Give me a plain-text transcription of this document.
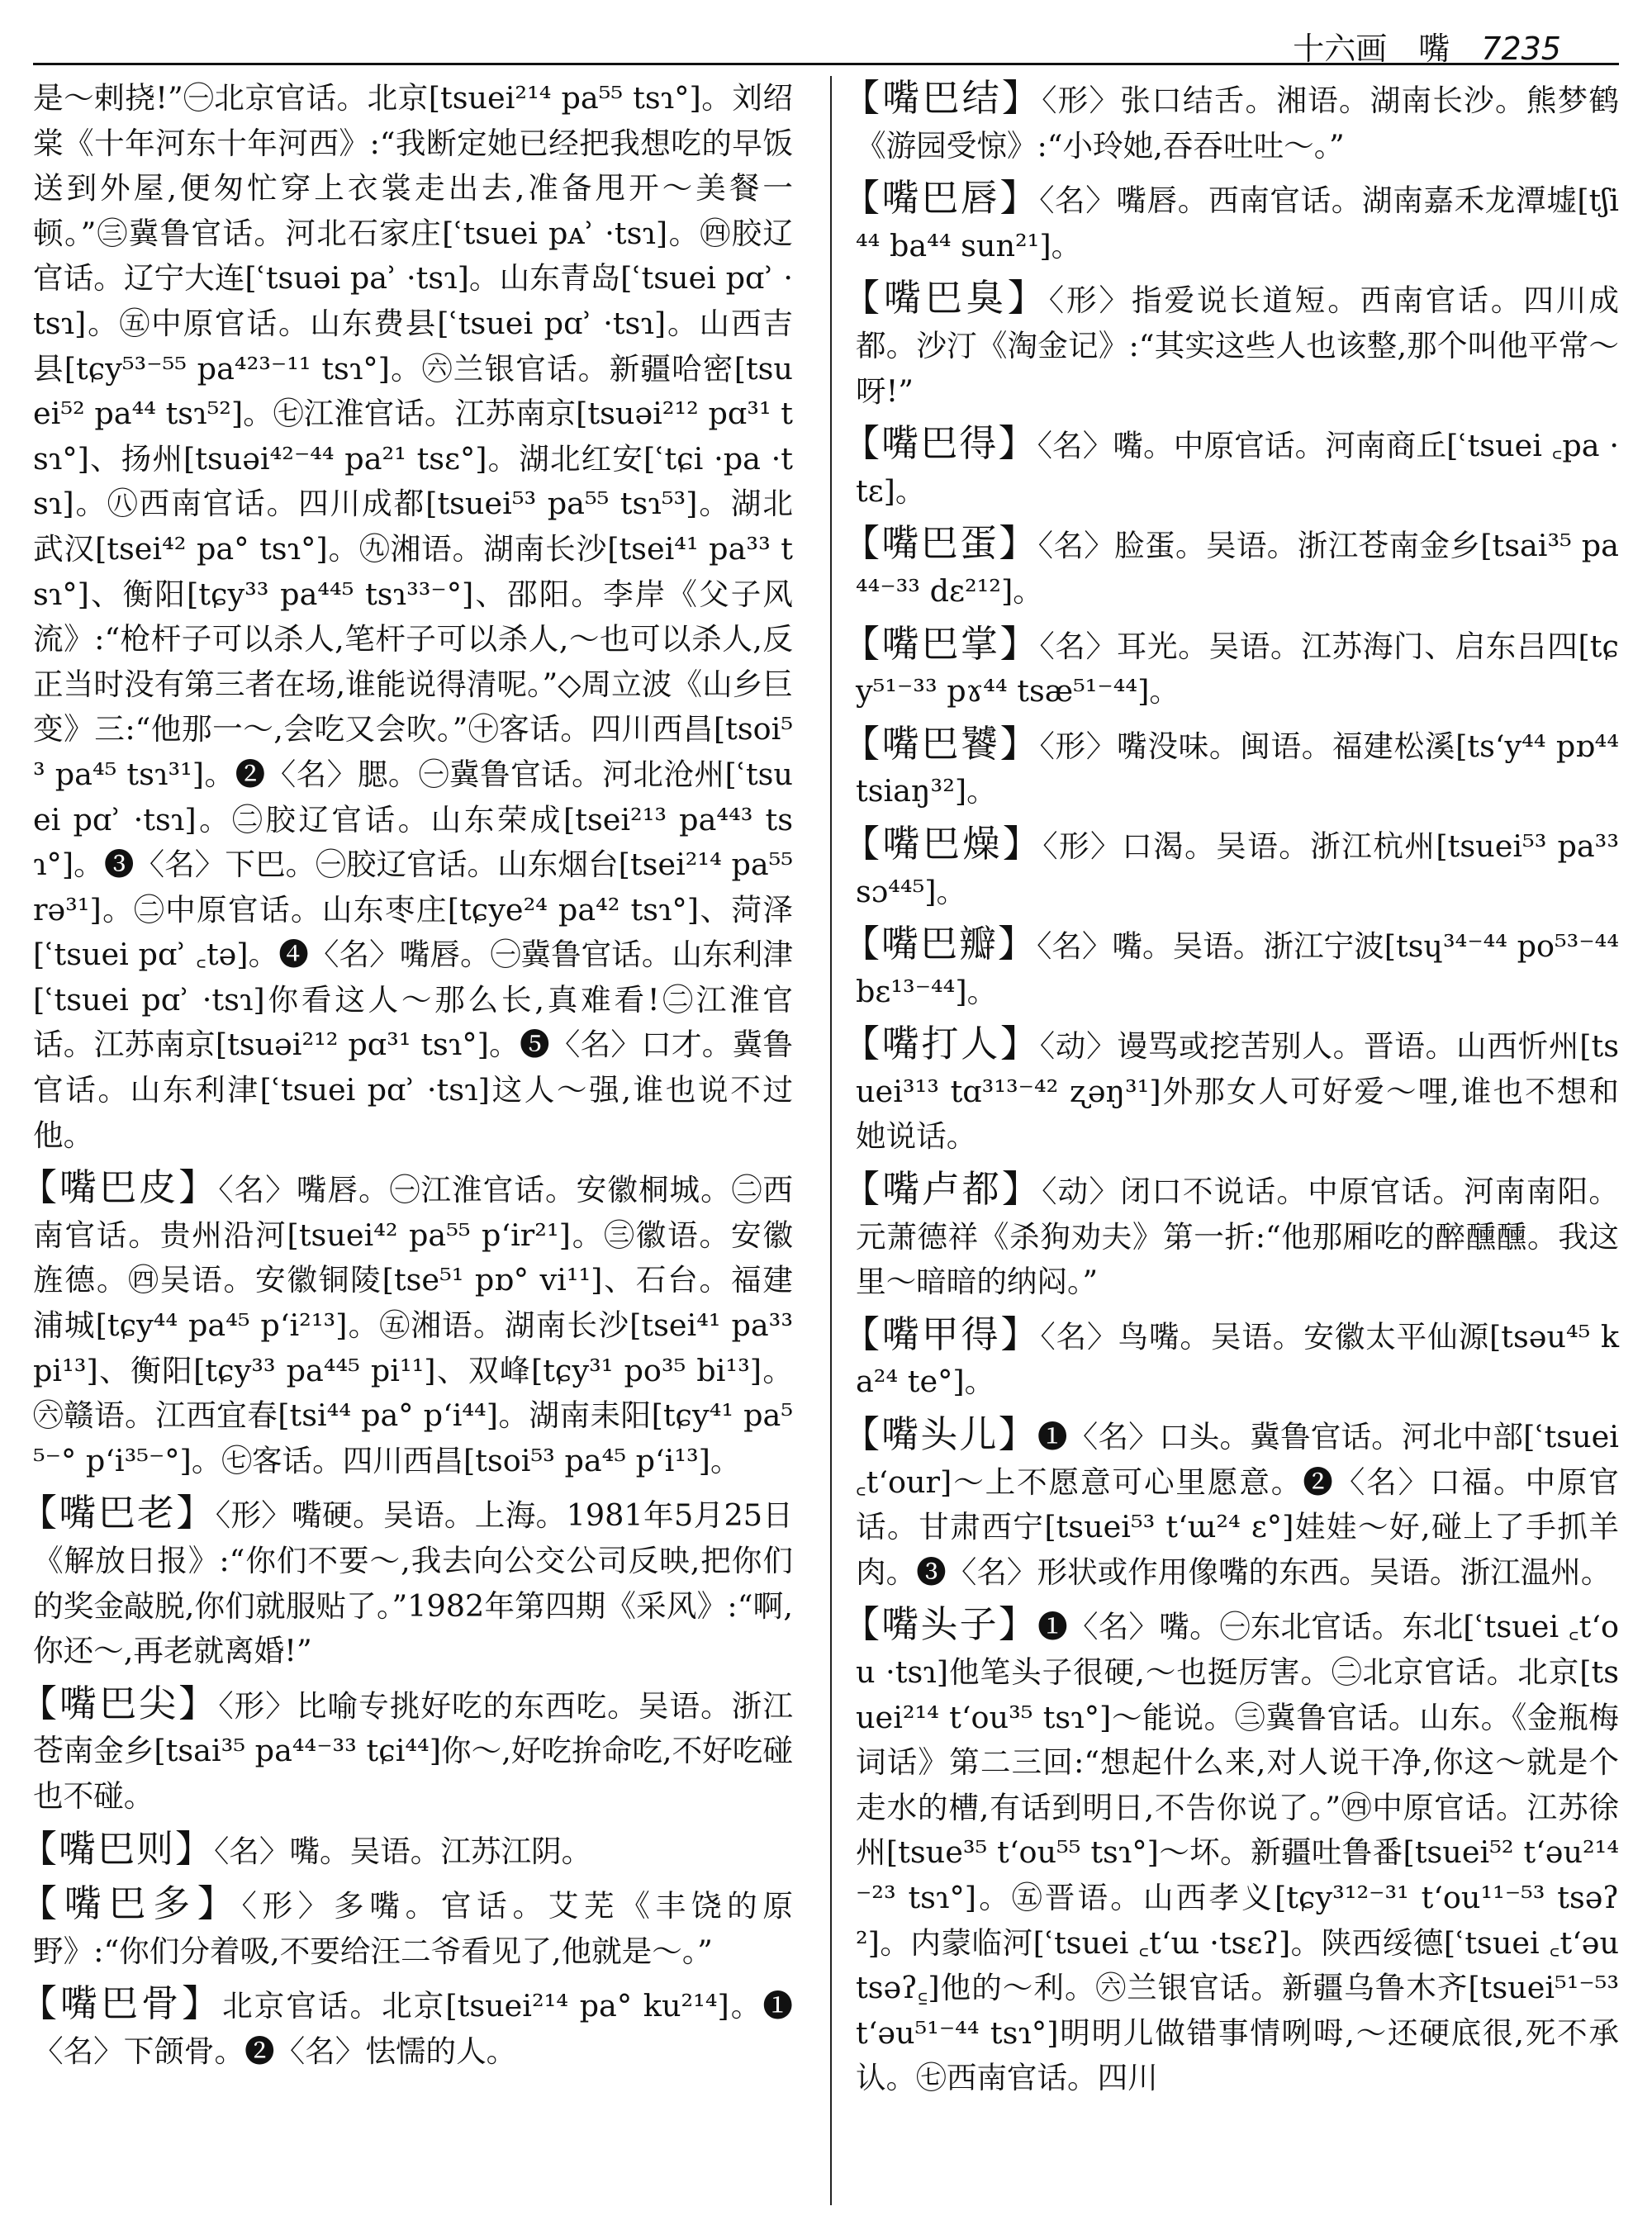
十六画 嘴 7235

是～剌挠!”㊀北京官话。北京[tsuei²¹⁴ pa⁵⁵ tsɿ°]。刘绍棠《十年河东十年河西》:“我断定她已经把我想吃的早饭送到外屋,便匆忙穿上衣裳走出去,准备甩开～美餐一顿。”㊂冀鲁官话。河北石家庄[ʿtsuei pᴀʾ ·tsɿ]。㊃胶辽官话。辽宁大连[ʿtsuəi paʾ ·tsɿ]。山东青岛[ʿtsuei pɑʾ ·tsɿ]。㊄中原官话。山东费县[ʿtsuei pɑʾ ·tsɿ]。山西吉县[tɕy⁵³⁻⁵⁵ pa⁴²³⁻¹¹ tsɿ°]。㊅兰银官话。新疆哈密[tsuei⁵² pa⁴⁴ tsɿ⁵²]。㊆江淮官话。江苏南京[tsuəi²¹² pɑ³¹ tsɿ°]、扬州[tsuəi⁴²⁻⁴⁴ pa²¹ tsɛ°]。湖北红安[ʿtɕi ·pa ·tsɿ]。㊇西南官话。四川成都[tsuei⁵³ pa⁵⁵ tsɿ⁵³]。湖北武汉[tsei⁴² pa° tsɿ°]。㊈湘语。湖南长沙[tsei⁴¹ pa³³ tsɿ°]、衡阳[tɕy³³ pa⁴⁴⁵ tsɿ³³⁻°]、邵阳。李岸《父子风流》:“枪杆子可以杀人,笔杆子可以杀人,～也可以杀人,反正当时没有第三者在场,谁能说得清呢。”◇周立波《山乡巨变》三:“他那一～,会吃又会吹。”㊉客话。四川西昌[tsoi⁵³ pa⁴⁵ tsɿ³¹]。❷〈名〉腮。㊀冀鲁官话。河北沧州[ʿtsuei pɑʾ ·tsɿ]。㊁胶辽官话。山东荣成[tsei²¹³ pa⁴⁴³ tsɿ°]。❸〈名〉下巴。㊀胶辽官话。山东烟台[tsei²¹⁴ pa⁵⁵ rə³¹]。㊁中原官话。山东枣庄[tɕye²⁴ pa⁴² tsɿ°]、菏泽[ʿtsuei pɑʾ ꜀tə]。❹〈名〉嘴唇。㊀冀鲁官话。山东利津[ʿtsuei pɑʾ ·tsɿ]你看这人～那么长,真难看!㊁江淮官话。江苏南京[tsuəi²¹² pɑ³¹ tsɿ°]。❺〈名〉口才。冀鲁官话。山东利津[ʿtsuei pɑʾ ·tsɿ]这人～强,谁也说不过他。

【嘴巴皮】〈名〉嘴唇。㊀江淮官话。安徽桐城。㊁西南官话。贵州沿河[tsuei⁴² pa⁵⁵ pʻir²¹]。㊂徽语。安徽旌德。㊃吴语。安徽铜陵[tse⁵¹ pɒ° vi¹¹]、石台。福建浦城[tɕy⁴⁴ pa⁴⁵ pʻi²¹³]。㊄湘语。湖南长沙[tsei⁴¹ pa³³ pi¹³]、衡阳[tɕy³³ pa⁴⁴⁵ pi¹¹]、双峰[tɕy³¹ po³⁵ bi¹³]。㊅赣语。江西宜春[tsi⁴⁴ pa° pʻi⁴⁴]。湖南耒阳[tɕy⁴¹ pa⁵⁵⁻° pʻi³⁵⁻°]。㊆客话。四川西昌[tsoi⁵³ pa⁴⁵ pʻi¹³]。

【嘴巴老】〈形〉嘴硬。吴语。上海。1981年5月25日《解放日报》:“你们不要～,我去向公交公司反映,把你们的奖金敲脱,你们就服贴了。”1982年第四期《采风》:“啊,你还～,再老就离婚!”

【嘴巴尖】〈形〉比喻专挑好吃的东西吃。吴语。浙江苍南金乡[tsai³⁵ pa⁴⁴⁻³³ tɕi⁴⁴]你～,好吃拚命吃,不好吃碰也不碰。

【嘴巴则】〈名〉嘴。吴语。江苏江阴。

【嘴巴多】〈形〉多嘴。官话。艾芜《丰饶的原野》:“你们分着吸,不要给汪二爷看见了,他就是～。”

【嘴巴骨】北京官话。北京[tsuei²¹⁴ pa° ku²¹⁴]。❶〈名〉下颌骨。❷〈名〉怯懦的人。

【嘴巴结】〈形〉张口结舌。湘语。湖南长沙。熊梦鹤《游园受惊》:“小玲她,吞吞吐吐～。”

【嘴巴唇】〈名〉嘴唇。西南官话。湖南嘉禾龙潭墟[tʃi⁴⁴ ba⁴⁴ sun²¹]。

【嘴巴臭】〈形〉指爱说长道短。西南官话。四川成都。沙汀《淘金记》:“其实这些人也该整,那个叫他平常～呀!”

【嘴巴得】〈名〉嘴。中原官话。河南商丘[ʿtsuei ꜀pa ·tɛ]。

【嘴巴蛋】〈名〉脸蛋。吴语。浙江苍南金乡[tsai³⁵ pa⁴⁴⁻³³ dɛ²¹²]。

【嘴巴掌】〈名〉耳光。吴语。江苏海门、启东吕四[tɕy⁵¹⁻³³ pɤ⁴⁴ tsæ⁵¹⁻⁴⁴]。

【嘴巴饕】〈形〉嘴没味。闽语。福建松溪[tsʻy⁴⁴ pɒ⁴⁴ tsiaŋ³²]。

【嘴巴燥】〈形〉口渴。吴语。浙江杭州[tsuei⁵³ pa³³ sɔ⁴⁴⁵]。

【嘴巴瓣】〈名〉嘴。吴语。浙江宁波[tsɥ³⁴⁻⁴⁴ po⁵³⁻⁴⁴ bɛ¹³⁻⁴⁴]。

【嘴打人】〈动〉谩骂或挖苦别人。晋语。山西忻州[tsuei³¹³ tɑ³¹³⁻⁴² ʐəŋ³¹]外那女人可好爱～哩,谁也不想和她说话。

【嘴卢都】〈动〉闭口不说话。中原官话。河南南阳。元萧德祥《杀狗劝夫》第一折:“他那厢吃的醉醺醺。我这里～暗暗的纳闷。”

【嘴甲得】〈名〉鸟嘴。吴语。安徽太平仙源[tsəu⁴⁵ ka²⁴ te°]。

【嘴头儿】❶〈名〉口头。冀鲁官话。河北中部[ʿtsuei ꜀tʻour]～上不愿意可心里愿意。❷〈名〉口福。中原官话。甘肃西宁[tsuei⁵³ tʻɯ²⁴ ɛ°]娃娃～好,碰上了手抓羊肉。❸〈名〉形状或作用像嘴的东西。吴语。浙江温州。

【嘴头子】❶〈名〉嘴。㊀东北官话。东北[ʿtsuei ꜀tʻou ·tsɿ]他笔头子很硬,～也挺厉害。㊁北京官话。北京[tsuei²¹⁴ tʻou³⁵ tsɿ°]～能说。㊂冀鲁官话。山东。《金瓶梅词话》第二三回:“想起什么来,对人说干净,你这～就是个走水的槽,有话到明日,不告你说了。”㊃中原官话。江苏徐州[tsue³⁵ tʻou⁵⁵ tsɿ°]～坏。新疆吐鲁番[tsuei⁵² tʻəu²¹⁴⁻²³ tsɿ°]。㊄晋语。山西孝义[tɕy³¹²⁻³¹ tʻou¹¹⁻⁵³ tsəʔ²]。内蒙临河[ʿtsuei ꜀tʻɯ ·tsɛʔ]。陕西绥德[ʿtsuei ꜀tʻəu tsəʔ꜁]他的～利。㊅兰银官话。新疆乌鲁木齐[tsuei⁵¹⁻⁵³ tʻəu⁵¹⁻⁴⁴ tsɿ°]明明儿做错事情咧呣,～还硬底很,死不承认。㊆西南官话。四川
